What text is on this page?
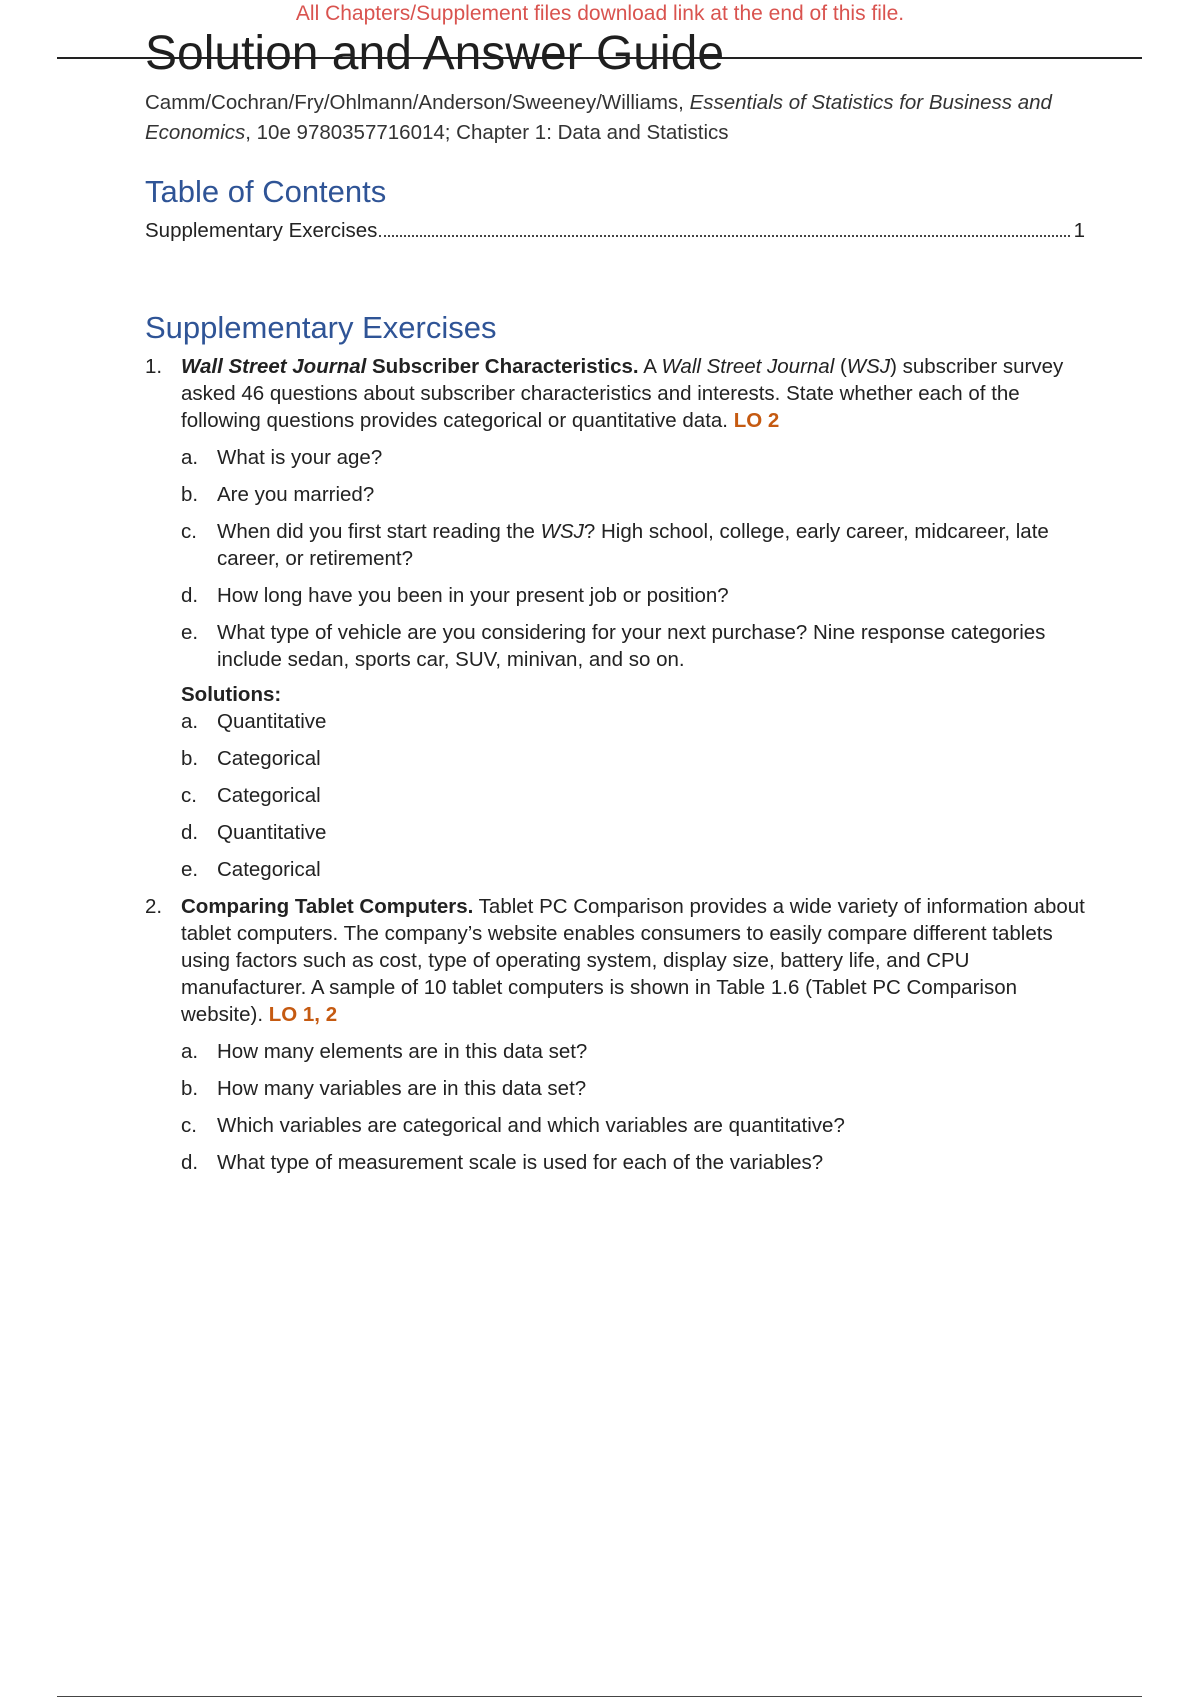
All Chapters/Supplement files download link at the end of this file.
Solution and Answer Guide

Camm/Cochran/Fry/Ohlmann/Anderson/Sweeney/Williams, Essentials of Statistics for Business and Economics, 10e 9780357716014; Chapter 1: Data and Statistics

Table of Contents
Supplementary Exercises	1
Supplementary Exercises
1. Wall Street Journal Subscriber Characteristics. A Wall Street Journal (WSJ) subscriber survey asked 46 questions about subscriber characteristics and interests. State whether each of the following questions provides categorical or quantitative data. LO 2
a. What is your age?
b. Are you married?
c. When did you first start reading the WSJ? High school, college, early career, midcareer, late career, or retirement?
d. How long have you been in your present job or position?
e. What type of vehicle are you considering for your next purchase? Nine response categories include sedan, sports car, SUV, minivan, and so on.
Solutions:
a. Quantitative
b. Categorical
c. Categorical
d. Quantitative
e. Categorical
2. Comparing Tablet Computers. Tablet PC Comparison provides a wide variety of information about tablet computers. The company’s website enables consumers to easily compare different tablets using factors such as cost, type of operating system, display size, battery life, and CPU manufacturer. A sample of 10 tablet computers is shown in Table 1.6 (Tablet PC Comparison website). LO 1, 2
a. How many elements are in this data set?
b. How many variables are in this data set?
c. Which variables are categorical and which variables are quantitative?
d. What type of measurement scale is used for each of the variables?
